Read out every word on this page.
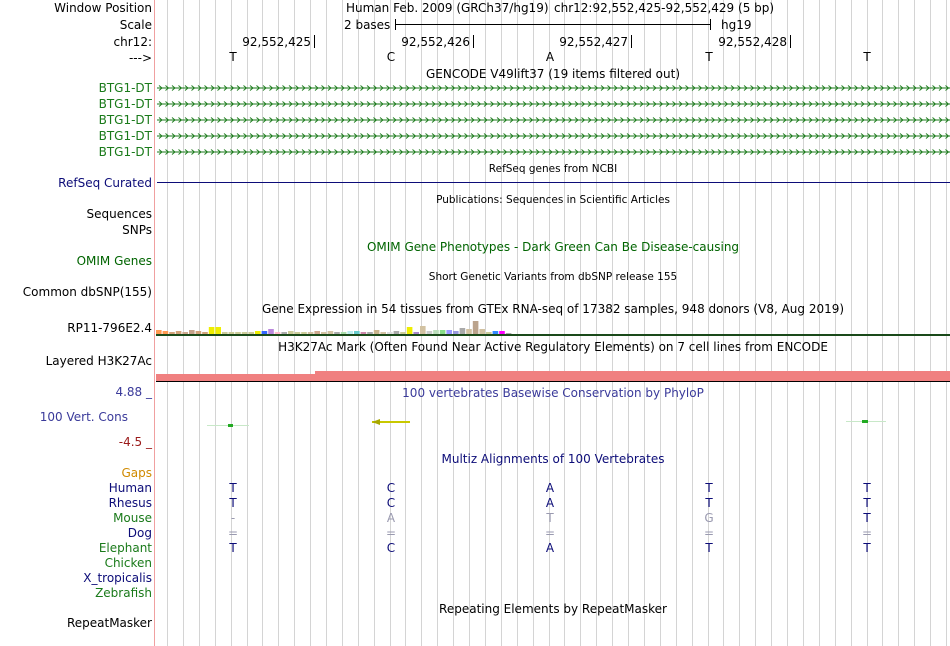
Window Position
Scale
chr12:
--->
Human Feb. 2009 (GRCh37/hg19) chr12:92,552,425-92,552,429 (5 bp)
2 bases	hg19
92,552,425	92,552,426	92,552,427	92,552,428
T	C	A	T	T
GENCODE V49lift37 (19 items filtered out)
BTG1-DT
BTG1-DT
BTG1-DT
BTG1-DT
BTG1-DT
RefSeq genes from NCBI
RefSeq Curated
Publications: Sequences in Scientific Articles
Sequences
SNPs
OMIM Gene Phenotypes - Dark Green Can Be Disease-causing
OMIM Genes
Short Genetic Variants from dbSNP release 155
Common dbSNP(155)
Gene Expression in 54 tissues from GTEx RNA-seq of 17382 samples, 948 donors (V8, Aug 2019)
RP11-796E2.4
H3K27Ac Mark (Often Found Near Active Regulatory Elements) on 7 cell lines from ENCODE
Layered H3K27Ac
100 vertebrates Basewise Conservation by PhyloP
4.88 _
100 Vert. Cons
-4.5 _
Multiz Alignments of 100 Vertebrates
Gaps
Human	T	C	A	T	T
Rhesus	T	C	A	T	T
Mouse	-	A	T	G	T
Dog	=	=	=	=	=
Elephant	T	C	A	T	T
Chicken
X_tropicalis
Zebrafish
Repeating Elements by RepeatMasker
RepeatMasker
